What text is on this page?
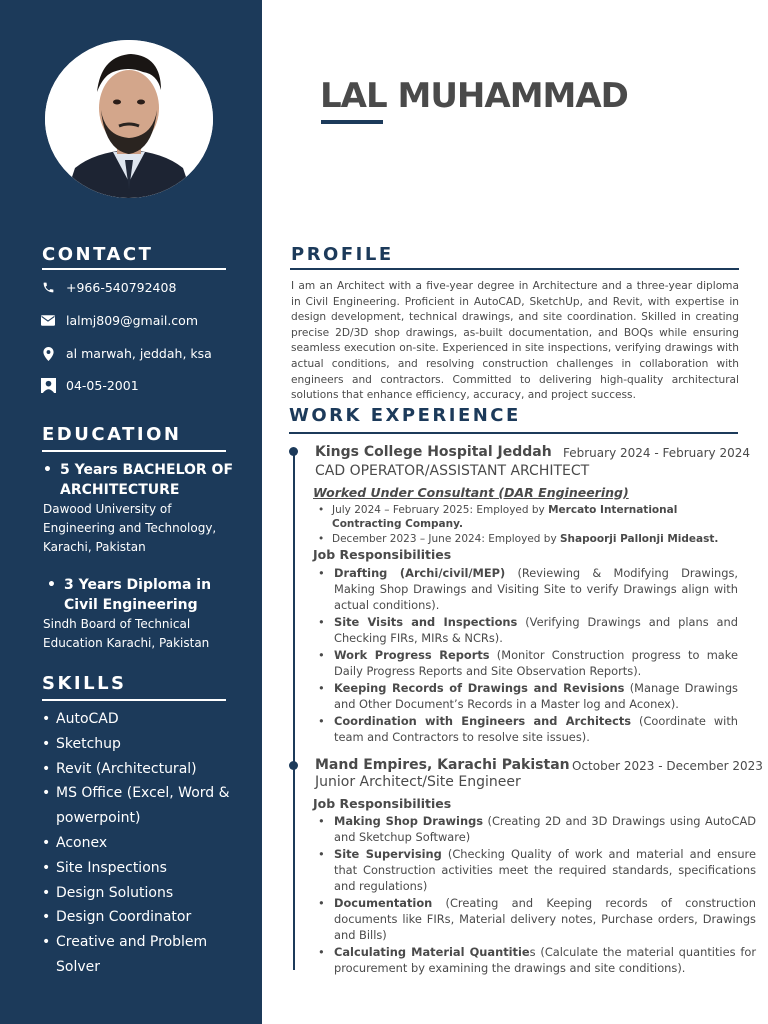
CONTACT
+966-540792408
lalmj809@gmail.com
al marwah, jeddah, ksa
04-05-2001
EDUCATION
• 5 Years BACHELOR OF ARCHITECTURE
Dawood University of Engineering and Technology, Karachi, Pakistan
• 3 Years Diploma in Civil Engineering
Sindh Board of Technical Education Karachi, Pakistan
SKILLS
• AutoCAD
• Sketchup
• Revit (Architectural)
• MS Office (Excel, Word & powerpoint)
• Aconex
• Site Inspections
• Design Solutions
• Design Coordinator
• Creative and Problem Solver
LAL MUHAMMAD
PROFILE

I am an Architect with a five-year degree in Architecture and a three-year diploma in Civil Engineering. Proficient in AutoCAD, SketchUp, and Revit, with expertise in design development, technical drawings, and site coordination. Skilled in creating precise 2D/3D shop drawings, as-built documentation, and BOQs while ensuring seamless execution on-site. Experienced in site inspections, verifying drawings with actual conditions, and resolving construction challenges in collaboration with engineers and contractors. Committed to delivering high-quality architectural solutions that enhance efficiency, accuracy, and project success.

WORK EXPERIENCE
Kings College Hospital Jeddah February 2024 - February 2024
CAD OPERATOR/ASSISTANT ARCHITECT
Worked Under Consultant (DAR Engineering)
• July 2024 – February 2025: Employed by Mercato International Contracting Company.
• December 2023 – June 2024: Employed by Shapoorji Pallonji Mideast.
Job Responsibilities
• Drafting (Archi/civil/MEP) (Reviewing & Modifying Drawings, Making Shop Drawings and Visiting Site to verify Drawings align with actual conditions).
• Site Visits and Inspections (Verifying Drawings and plans and Checking FIRs, MIRs & NCRs).
• Work Progress Reports (Monitor Construction progress to make Daily Progress Reports and Site Observation Reports).
• Keeping Records of Drawings and Revisions (Manage Drawings and Other Document’s Records in a Master log and Aconex).
• Coordination with Engineers and Architects (Coordinate with team and Contractors to resolve site issues).
Mand Empires, Karachi Pakistan October 2023 - December 2023
Junior Architect/Site Engineer
Job Responsibilities
• Making Shop Drawings (Creating 2D and 3D Drawings using AutoCAD and Sketchup Software)
• Site Supervising (Checking Quality of work and material and ensure that Construction activities meet the required standards, specifications and regulations)
• Documentation (Creating and Keeping records of construction documents like FIRs, Material delivery notes, Purchase orders, Drawings and Bills)
• Calculating Material Quantities (Calculate the material quantities for procurement by examining the drawings and site conditions).
